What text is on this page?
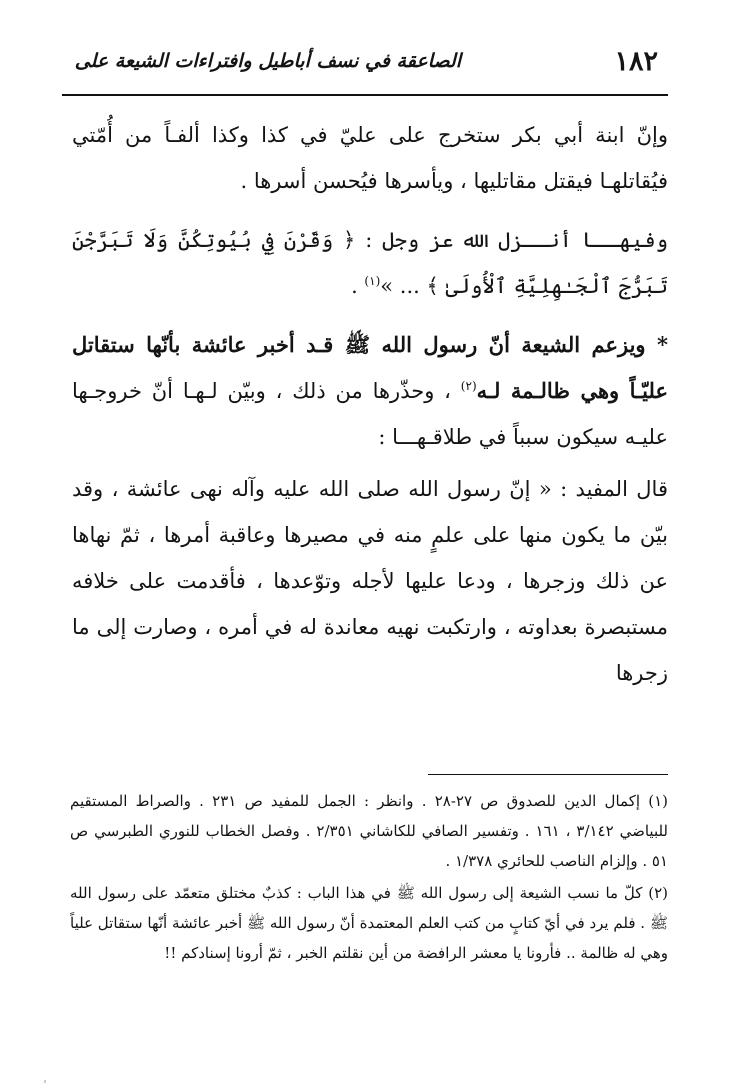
١٨٢
الصاعقة في نسف أباطيل وافتراءات الشيعة على

وإنّ ابنة أبي بكر ستخرج على عليّ في كذا وكذا ألفـاً من أُمّتي فيُقاتلهـا فيقتل مقاتليها ، ويأسرها فيُحسن أسرها .

وفيهــا أنــزل الله عز وجل : ﴿ وَقَرْنَ فِي بُيُوتِكُنَّ وَلَا تَبَرَّجْنَ تَبَرُّجَ ٱلْجَـٰهِلِيَّةِ ٱلْأُولَىٰ ﴾ ... »$^{(١)}$ .

* ويزعم الشيعة أنّ رسول الله ﷺ قـد أخبر عائشة بأنّها ستقاتل عليّـاً وهي ظالـمة لـه$^{(٢)}$ ، وحذّرها من ذلك ، وبيّن لـهـا أنّ خروجـها عليـه سيكون سبباً في طلاقـهـــا :

قال المفيد : « إنّ رسول الله صلى الله عليه وآله نهى عائشة ، وقد بيّن ما يكون منها على علمٍ منه في مصيرها وعاقبة أمرها ، ثمّ نهاها عن ذلك وزجرها ، ودعا عليها لأجله وتوّعدها ، فأقدمت على خلافه مستبصرة بعداوته ، وارتكبت نهيه معاندة له في أمره ، وصارت إلى ما زجرها

(١) إكمال الدين للصدوق ص ٢٧-٢٨ . وانظر : الجمل للمفيد ص ٢٣١ . والصراط المستقيم للبياضي ٣/١٤٢ ، ١٦١ . وتفسير الصافي للكاشاني ٢/٣٥١ . وفصل الخطاب للنوري الطبرسي ص ٥١ . وإلزام الناصب للحائري ١/٣٧٨ .

(٢) كلّ ما نسب الشيعة إلى رسول الله ﷺ في هذا الباب : كذبٌ مختلق متعمّد على رسول الله ﷺ . فلم يرد في أيّ كتابٍ من كتب العلم المعتمدة أنّ رسول الله ﷺ أخبر عائشة أنّها ستقاتل علياً وهي له ظالمة .. فأرونا يا معشر الرافضة من أين نقلتم الخبر ، ثمّ أرونا إسنادكم !!
